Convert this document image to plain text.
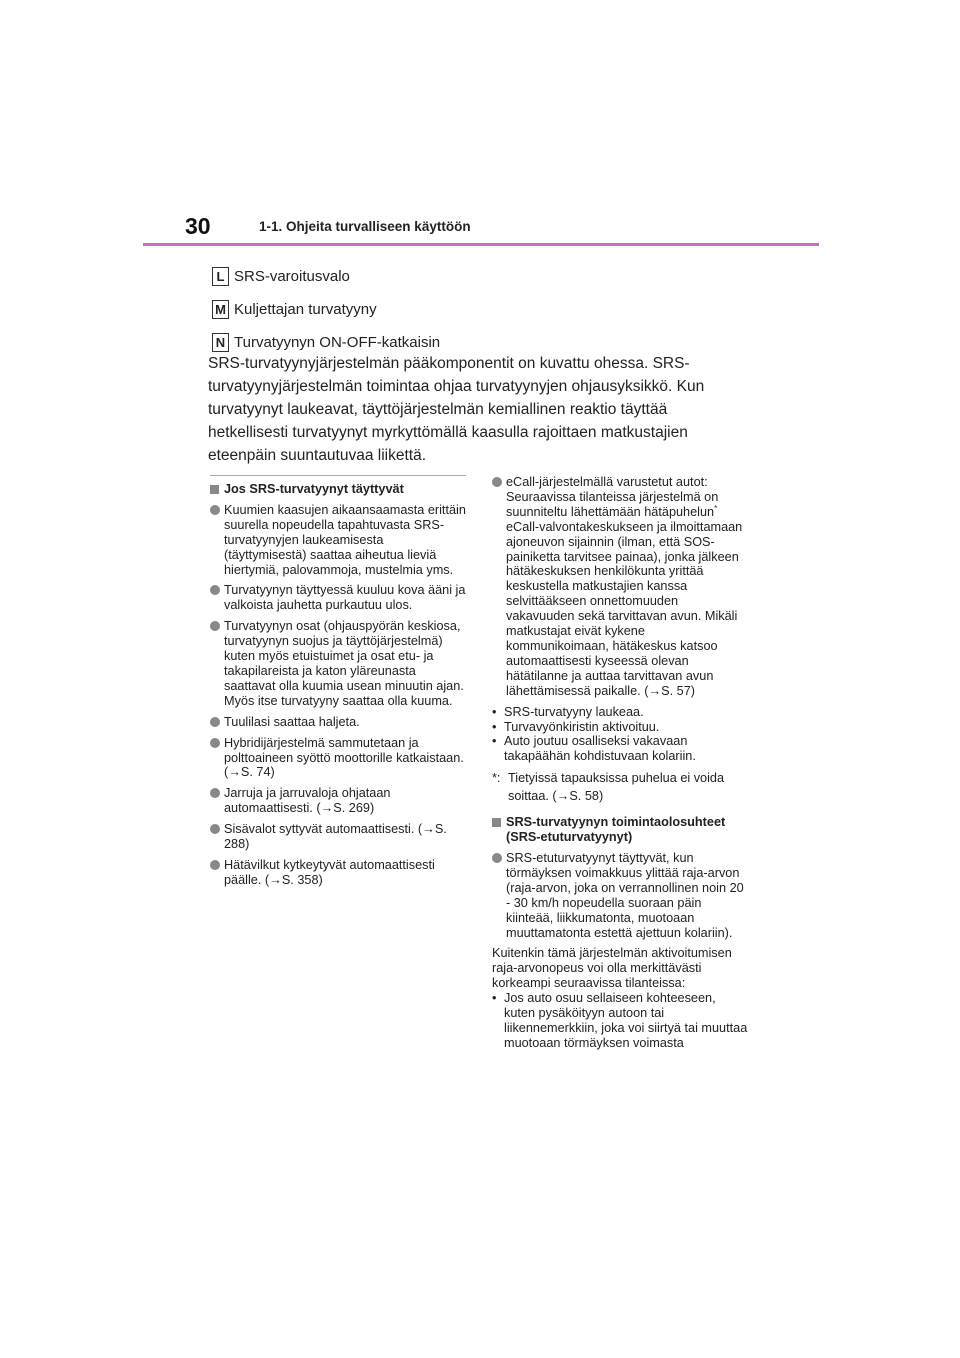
30	1-1. Ohjeita turvalliseen käyttöön
L SRS-varoitusvalo
M Kuljettajan turvatyyny
N Turvatyynyn ON-OFF-katkaisin

SRS-turvatyynyjärjestelmän pääkomponentit on kuvattu ohessa. SRS-turvatyynyjärjestelmän toimintaa ohjaa turvatyynyjen ohjausyksikkö. Kun turvatyynyt laukeavat, täyttöjärjestelmän kemiallinen reaktio täyttää hetkellisesti turvatyynyt myrkyttömällä kaasulla rajoittaen matkustajien eteenpäin suuntautuvaa liikettä.

Jos SRS-turvatyynyt täyttyvät
Kuumien kaasujen aikaansaamasta erittäin suurella nopeudella tapahtuvasta SRS-turvatyynyjen laukeamisesta (täyttymisestä) saattaa aiheutua lieviä hiertymiä, palovammoja, mustelmia yms.
Turvatyynyn täyttyessä kuuluu kova ääni ja valkoista jauhetta purkautuu ulos.
Turvatyynyn osat (ohjauspyörän keskiosa, turvatyynyn suojus ja täyttöjärjestelmä) kuten myös etuistuimet ja osat etu- ja takapilareista ja katon yläreunasta saattavat olla kuumia usean minuutin ajan. Myös itse turvatyyny saattaa olla kuuma.
Tuulilasi saattaa haljeta.
Hybridijärjestelmä sammutetaan ja polttoaineen syöttö moottorille katkaistaan. (→S. 74)
Jarruja ja jarruvaloja ohjataan automaattisesti. (→S. 269)
Sisävalot syttyvät automaattisesti. (→S. 288)
Hätävilkut kytkeytyvät automaattisesti päälle. (→S. 358)
eCall-järjestelmällä varustetut autot: Seuraavissa tilanteissa järjestelmä on suunniteltu lähettämään hätäpuhelun* eCall-valvontakeskukseen ja ilmoittamaan ajoneuvon sijainnin (ilman, että SOS-painiketta tarvitsee painaa), jonka jälkeen hätäkeskuksen henkilökunta yrittää keskustella matkustajien kanssa selvittääkseen onnettomuuden vakavuuden sekä tarvittavan avun. Mikäli matkustajat eivät kykene kommunikoimaan, hätäkeskus katsoo automaattisesti kyseessä olevan hätätilanne ja auttaa tarvittavan avun lähettämisessä paikalle. (→S. 57)
• SRS-turvatyyny laukeaa.
• Turvavyönkiristin aktivoituu.
• Auto joutuu osalliseksi vakavaan takapäähän kohdistuvaan kolariin.
*: Tietyissä tapauksissa puhelua ei voida soittaa. (→S. 58)
SRS-turvatyynyn toimintaolosuhteet (SRS-etuturvatyynyt)
SRS-etuturvatyynyt täyttyvät, kun törmäyksen voimakkuus ylittää raja-arvon (raja-arvon, joka on verrannollinen noin 20 - 30 km/h nopeudella suoraan päin kiinteää, liikkumatonta, muotoaan muuttamatonta estettä ajettuun kolariin).
Kuitenkin tämä järjestelmän aktivoitumisen raja-arvonopeus voi olla merkittävästi korkeampi seuraavissa tilanteissa:
• Jos auto osuu sellaiseen kohteeseen, kuten pysäköityyn autoon tai liikennemerkkiin, joka voi siirtyä tai muuttaa muotoaan törmäyksen voimasta
